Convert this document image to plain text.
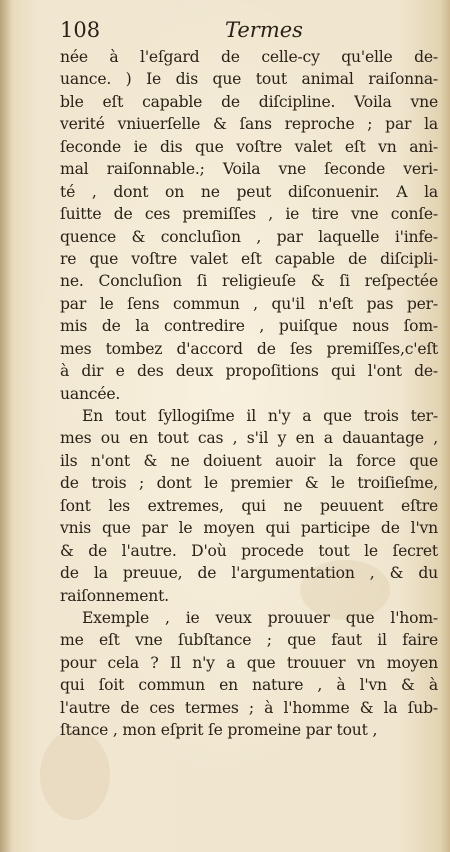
108	Termes
née à l'eſgard de celle-cy qu'elle de-
uance. ) Ie dis que tout animal raiſonna-
ble eſt capable de diſcipline. Voila vne
verité vniuerſelle & ſans reproche ; par la
ſeconde ie dis que voſtre valet eſt vn ani-
mal raiſonnable.; Voila vne ſeconde veri-
té , dont on ne peut diſconuenir. A la
ſuitte de ces premiſſes , ie tire vne conſe-
quence & concluſion , par laquelle i'infe-
re que voſtre valet eſt capable de diſcipli-
ne. Concluſion ſi religieuſe & ſi reſpectée
par le ſens commun , qu'il n'eſt pas per-
mis de la contredire , puiſque nous ſom-
mes tombez d'accord de ſes premiſſes,c'eſt
à dir e des deux propoſitions qui l'ont de-
uancée.
En tout ſyllogiſme il n'y a que trois ter-
mes ou en tout cas , s'il y en a dauantage ,
ils n'ont & ne doiuent auoir la force que
de trois ; dont le premier & le troiſieſme,
ſont les extremes, qui ne peuuent eſtre
vnis que par le moyen qui participe de l'vn
& de l'autre. D'où procede tout le ſecret
de la preuue, de l'argumentation , & du
raiſonnement.
Exemple , ie veux prouuer que l'hom-
me eſt vne ſubſtance ; que faut il faire
pour cela ? Il n'y a que trouuer vn moyen
qui ſoit commun en nature , à l'vn & à
l'autre de ces termes ; à l'homme & la ſub-
ſtance , mon eſprit ſe promeine par tout ,
